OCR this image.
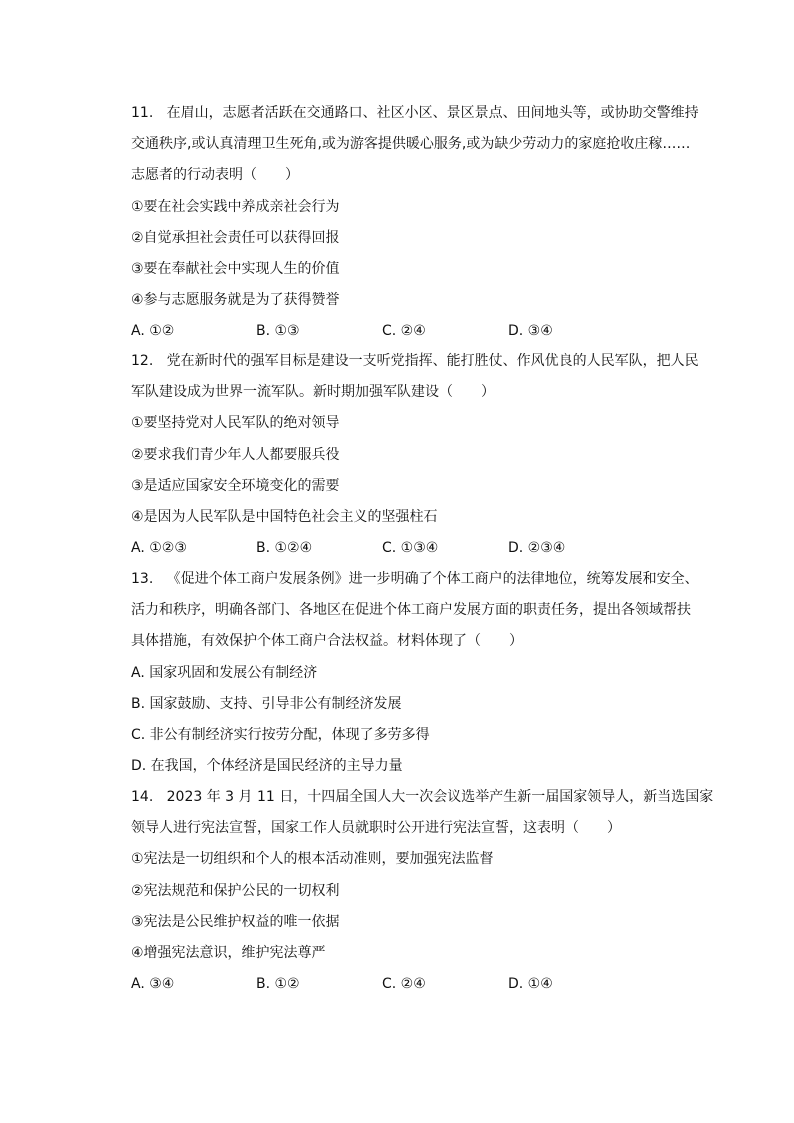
11. 在眉山，志愿者活跃在交通路口、社区小区、景区景点、田间地头等，或协助交警维持
交通秩序,或认真清理卫生死角,或为游客提供暖心服务,或为缺少劳动力的家庭抢收庄稼……
志愿者的行动表明（　　）
①要在社会实践中养成亲社会行为
②自觉承担社会责任可以获得回报
③要在奉献社会中实现人生的价值
④参与志愿服务就是为了获得赞誉
A. ①②	B. ①③	C. ②④	D. ③④
12. 党在新时代的强军目标是建设一支听党指挥、能打胜仗、作风优良的人民军队，把人民
军队建设成为世界一流军队。新时期加强军队建设（　　）
①要坚持党对人民军队的绝对领导
②要求我们青少年人人都要服兵役
③是适应国家安全环境变化的需要
④是因为人民军队是中国特色社会主义的坚强柱石
A. ①②③	B. ①②④	C. ①③④	D. ②③④
13. 《促进个体工商户发展条例》进一步明确了个体工商户的法律地位，统筹发展和安全、
活力和秩序，明确各部门、各地区在促进个体工商户发展方面的职责任务，提出各领域帮扶
具体措施，有效保护个体工商户合法权益。材料体现了（　　）
A. 国家巩固和发展公有制经济
B. 国家鼓励、支持、引导非公有制经济发展
C. 非公有制经济实行按劳分配，体现了多劳多得
D. 在我国，个体经济是国民经济的主导力量
14. 2023 年 3 月 11 日，十四届全国人大一次会议选举产生新一届国家领导人，新当选国家
领导人进行宪法宣誓，国家工作人员就职时公开进行宪法宣誓，这表明（　　）
①宪法是一切组织和个人的根本活动准则，要加强宪法监督
②宪法规范和保护公民的一切权利
③宪法是公民维护权益的唯一依据
④增强宪法意识，维护宪法尊严
A. ③④	B. ①②	C. ②④	D. ①④
